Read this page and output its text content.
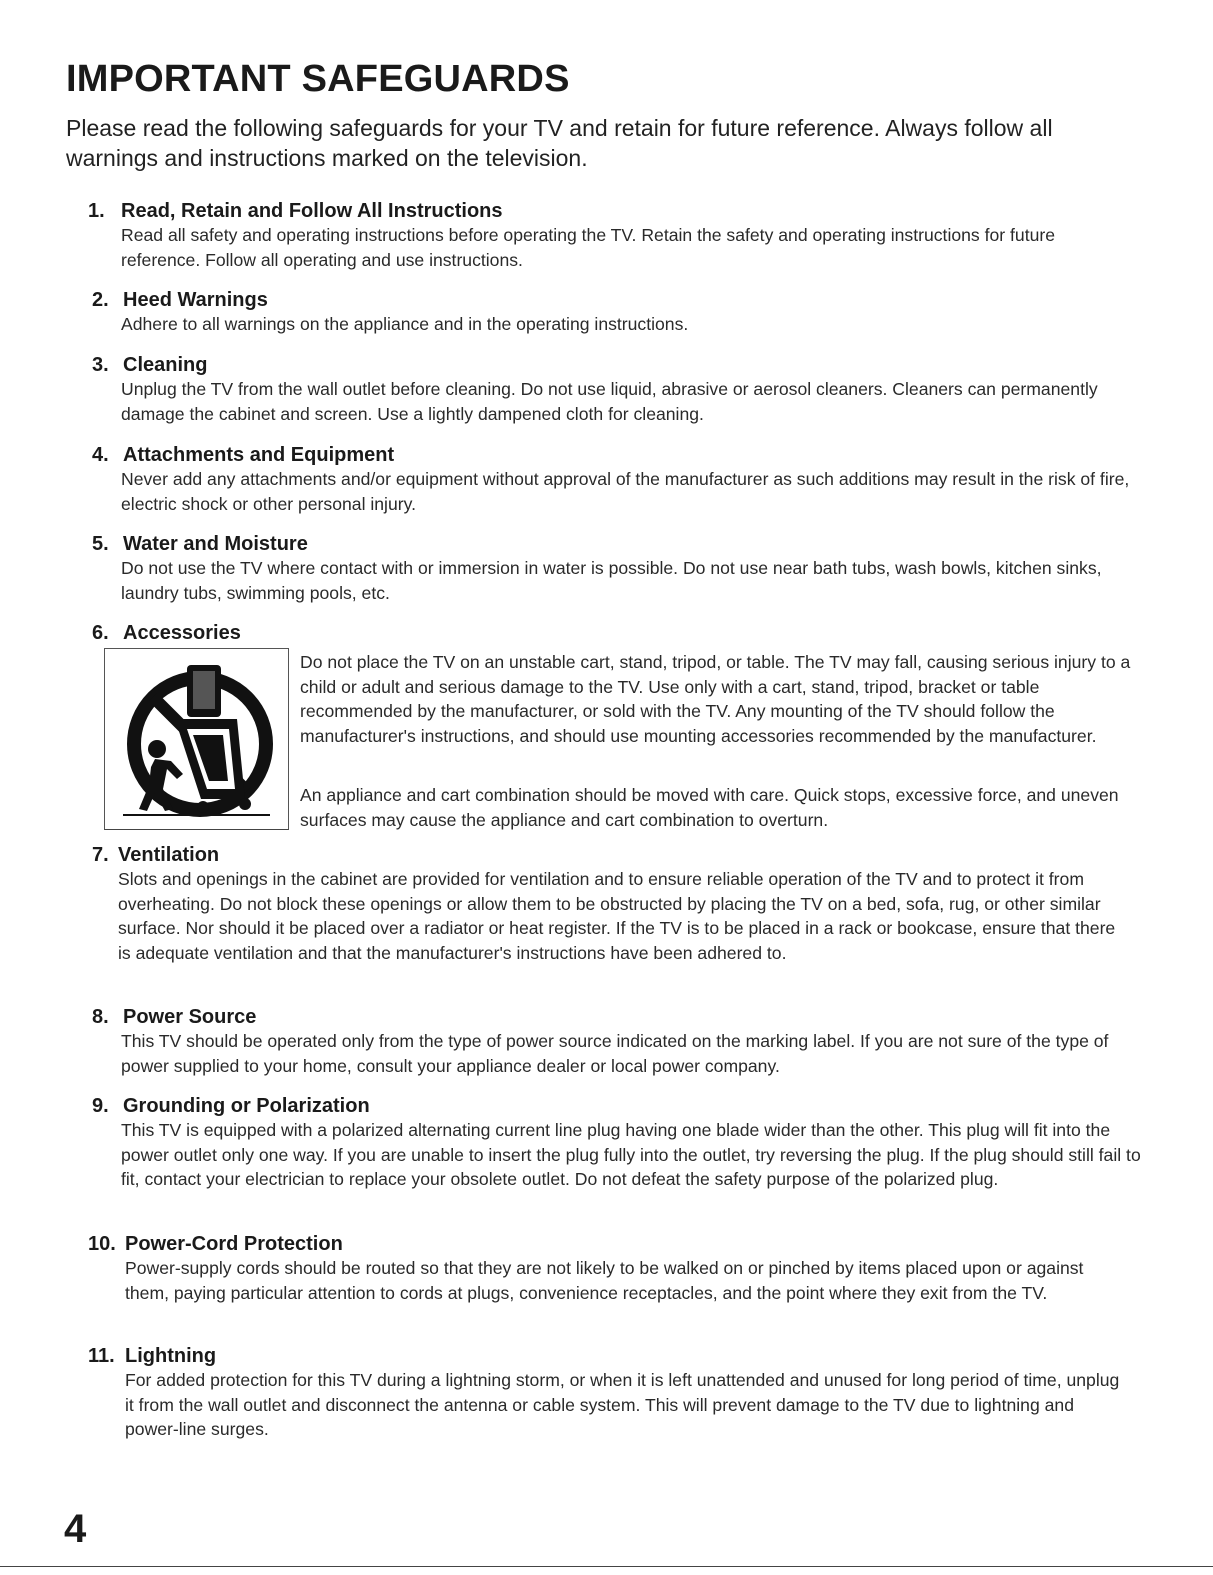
IMPORTANT SAFEGUARDS

Please read the following safeguards for your TV and retain for future reference. Always follow all warnings and instructions marked on the television.

1. Read, Retain and Follow All Instructions

Read all safety and operating instructions before operating the TV. Retain the safety and operating instructions for future reference. Follow all operating and use instructions.

2. Heed Warnings

Adhere to all warnings on the appliance and in the operating instructions.

3. Cleaning

Unplug the TV from the wall outlet before cleaning. Do not use liquid, abrasive or aerosol cleaners. Cleaners can permanently damage the cabinet and screen. Use a lightly dampened cloth for cleaning.

4. Attachments and Equipment

Never add any attachments and/or equipment without approval of the manufacturer as such additions may result in the risk of fire, electric shock or other personal injury.

5. Water and Moisture

Do not use the TV where contact with or immersion in water is possible. Do not use near bath tubs, wash bowls, kitchen sinks, laundry tubs, swimming pools, etc.

6. Accessories

Do not place the TV on an unstable cart, stand, tripod, or table. The TV may fall, causing serious injury to a child or adult and serious damage to the TV. Use only with a cart, stand, tripod, bracket or table recommended by the manufacturer, or sold with the TV. Any mounting of the TV should follow the manufacturer's instructions, and should use mounting accessories recommended by the manufacturer.

An appliance and cart combination should be moved with care. Quick stops, excessive force, and uneven surfaces may cause the appliance and cart combination to overturn.

7. Ventilation

Slots and openings in the cabinet are provided for ventilation and to ensure reliable operation of the TV and to protect it from overheating. Do not block these openings or allow them to be obstructed by placing the TV on a bed, sofa, rug, or other similar surface. Nor should it be placed over a radiator or heat register. If the TV is to be placed in a rack or bookcase, ensure that there is adequate ventilation and that the manufacturer's instructions have been adhered to.

8. Power Source

This TV should be operated only from the type of power source indicated on the marking label. If you are not sure of the type of power supplied to your home, consult your appliance dealer or local power company.

9. Grounding or Polarization

This TV is equipped with a polarized alternating current line plug having one blade wider than the other. This plug will fit into the power outlet only one way. If you are unable to insert the plug fully into the outlet, try reversing the plug. If the plug should still fail to fit, contact your electrician to replace your obsolete outlet. Do not defeat the safety purpose of the polarized plug.

10. Power-Cord Protection

Power-supply cords should be routed so that they are not likely to be walked on or pinched by items placed upon or against them, paying particular attention to cords at plugs, convenience receptacles, and the point where they exit from the TV.

11. Lightning

For added protection for this TV during a lightning storm, or when it is left unattended and unused for long period of time, unplug it from the wall outlet and disconnect the antenna or cable system. This will prevent damage to the TV due to lightning and power-line surges.

4
